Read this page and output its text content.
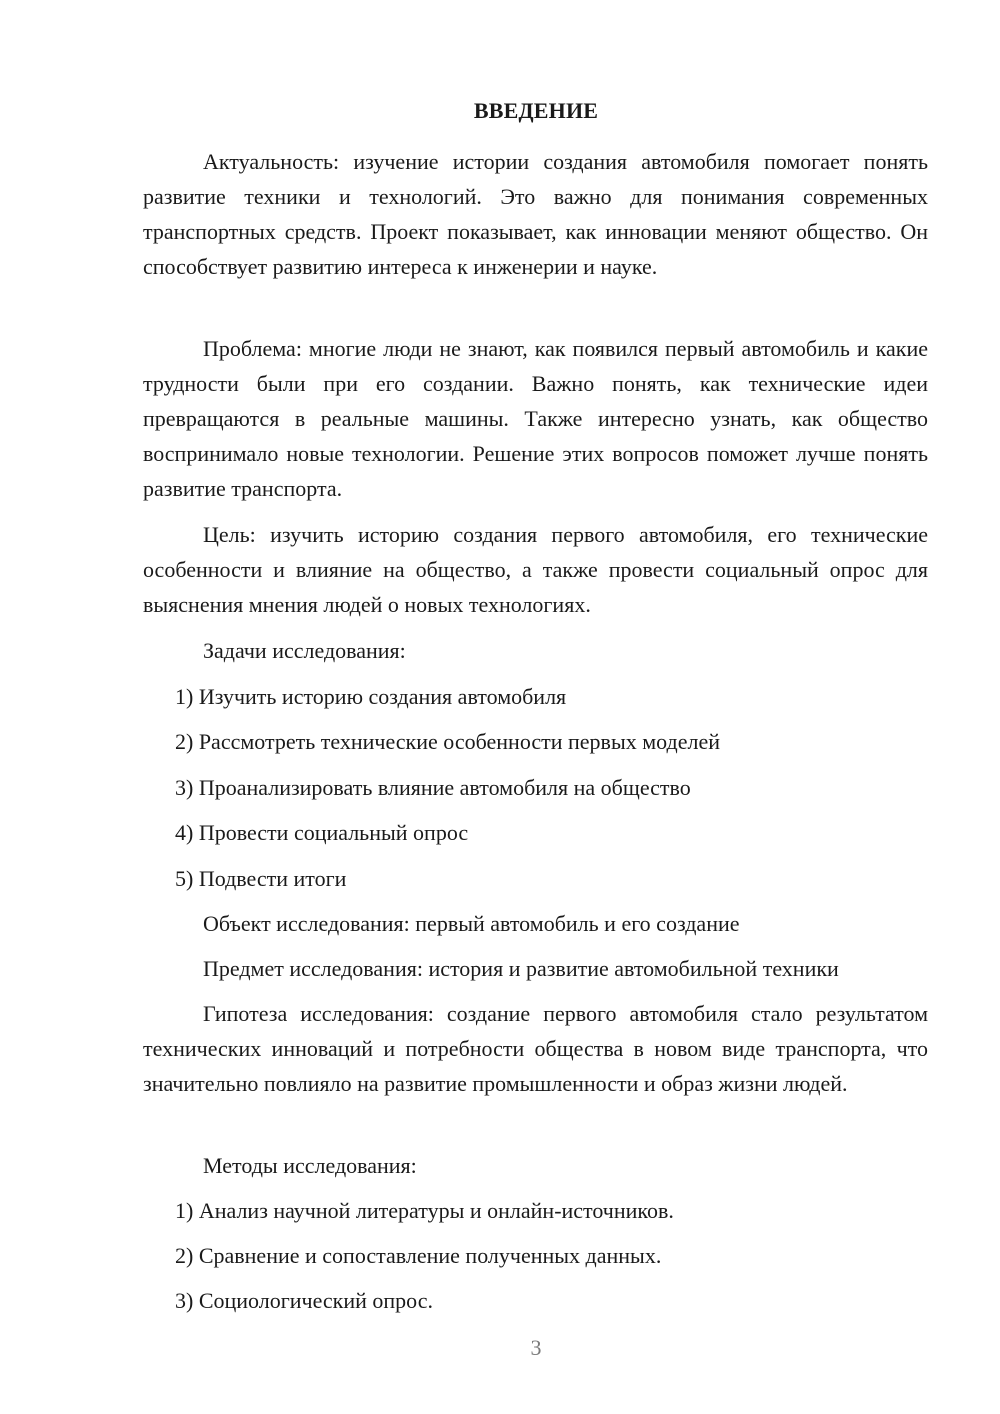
ВВЕДЕНИЕ

Актуальность: изучение истории создания автомобиля помогает понять развитие техники и технологий. Это важно для понимания современных транспортных средств. Проект показывает, как инновации меняют общество. Он способствует развитию интереса к инженерии и науке.

Проблема: многие люди не знают, как появился первый автомобиль и какие трудности были при его создании. Важно понять, как технические идеи превращаются в реальные машины. Также интересно узнать, как общество воспринимало новые технологии. Решение этих вопросов поможет лучше понять развитие транспорта.

Цель: изучить историю создания первого автомобиля, его технические особенности и влияние на общество, а также провести социальный опрос для выяснения мнения людей о новых технологиях.

Задачи исследования:

1) Изучить историю создания автомобиля

2) Рассмотреть технические особенности первых моделей

3) Проанализировать влияние автомобиля на общество

4) Провести социальный опрос

5) Подвести итоги

Объект исследования: первый автомобиль и его создание

Предмет исследования: история и развитие автомобильной техники

Гипотеза исследования: создание первого автомобиля стало результатом технических инноваций и потребности общества в новом виде транспорта, что значительно повлияло на развитие промышленности и образ жизни людей.

Методы исследования:

1) Анализ научной литературы и онлайн-источников.

2) Сравнение и сопоставление полученных данных.

3) Социологический опрос.

3
